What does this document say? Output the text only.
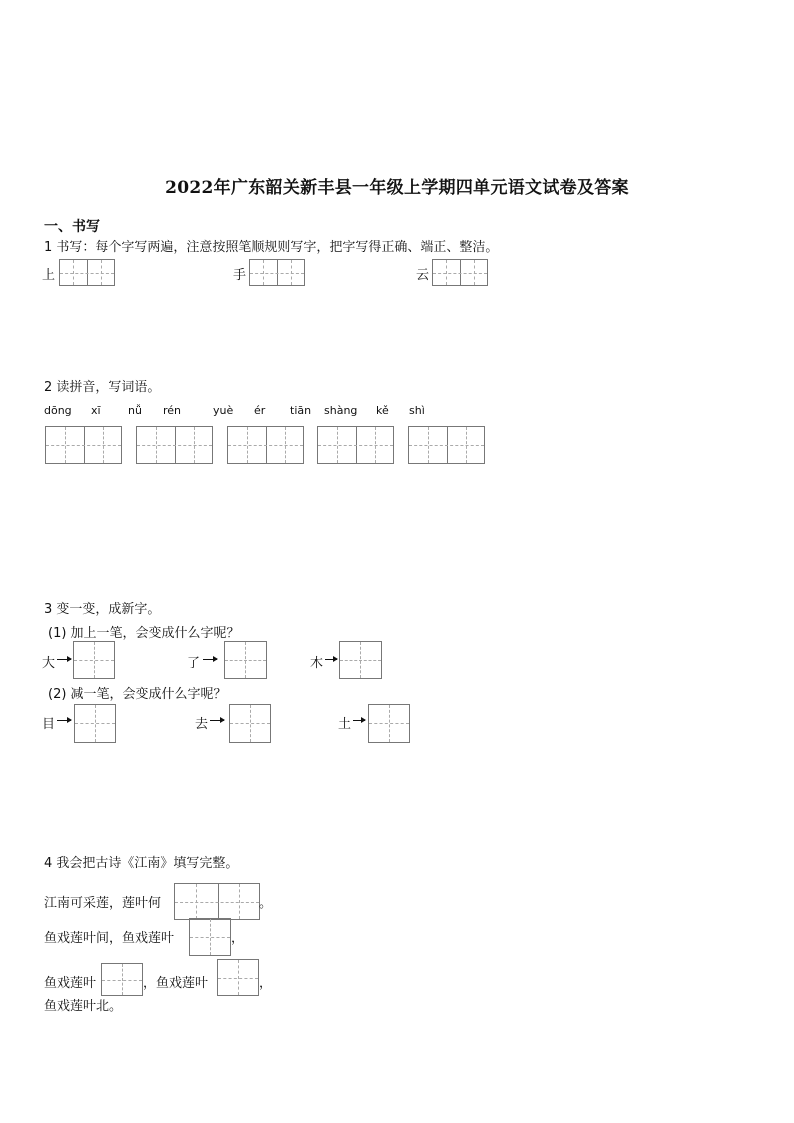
2022年广东韶关新丰县一年级上学期四单元语文试卷及答案
一、书写
1 书写：每个字写两遍，注意按照笔顺规则写字，把字写得正确、端正、整洁。
上	手	云
2 读拼音，写词语。
dōng xī nǚ rén	yuè ér tiān shàng kě shì
3 变一变，成新字。
(1) 加上一笔，会变成什么字呢？
大	了	木
(2) 减一笔，会变成什么字呢？
目	去	土
4 我会把古诗《江南》填写完整。
江南可采莲，莲叶何	。
鱼戏莲叶间，鱼戏莲叶	，
鱼戏莲叶	，鱼戏莲叶	，
鱼戏莲叶北。
